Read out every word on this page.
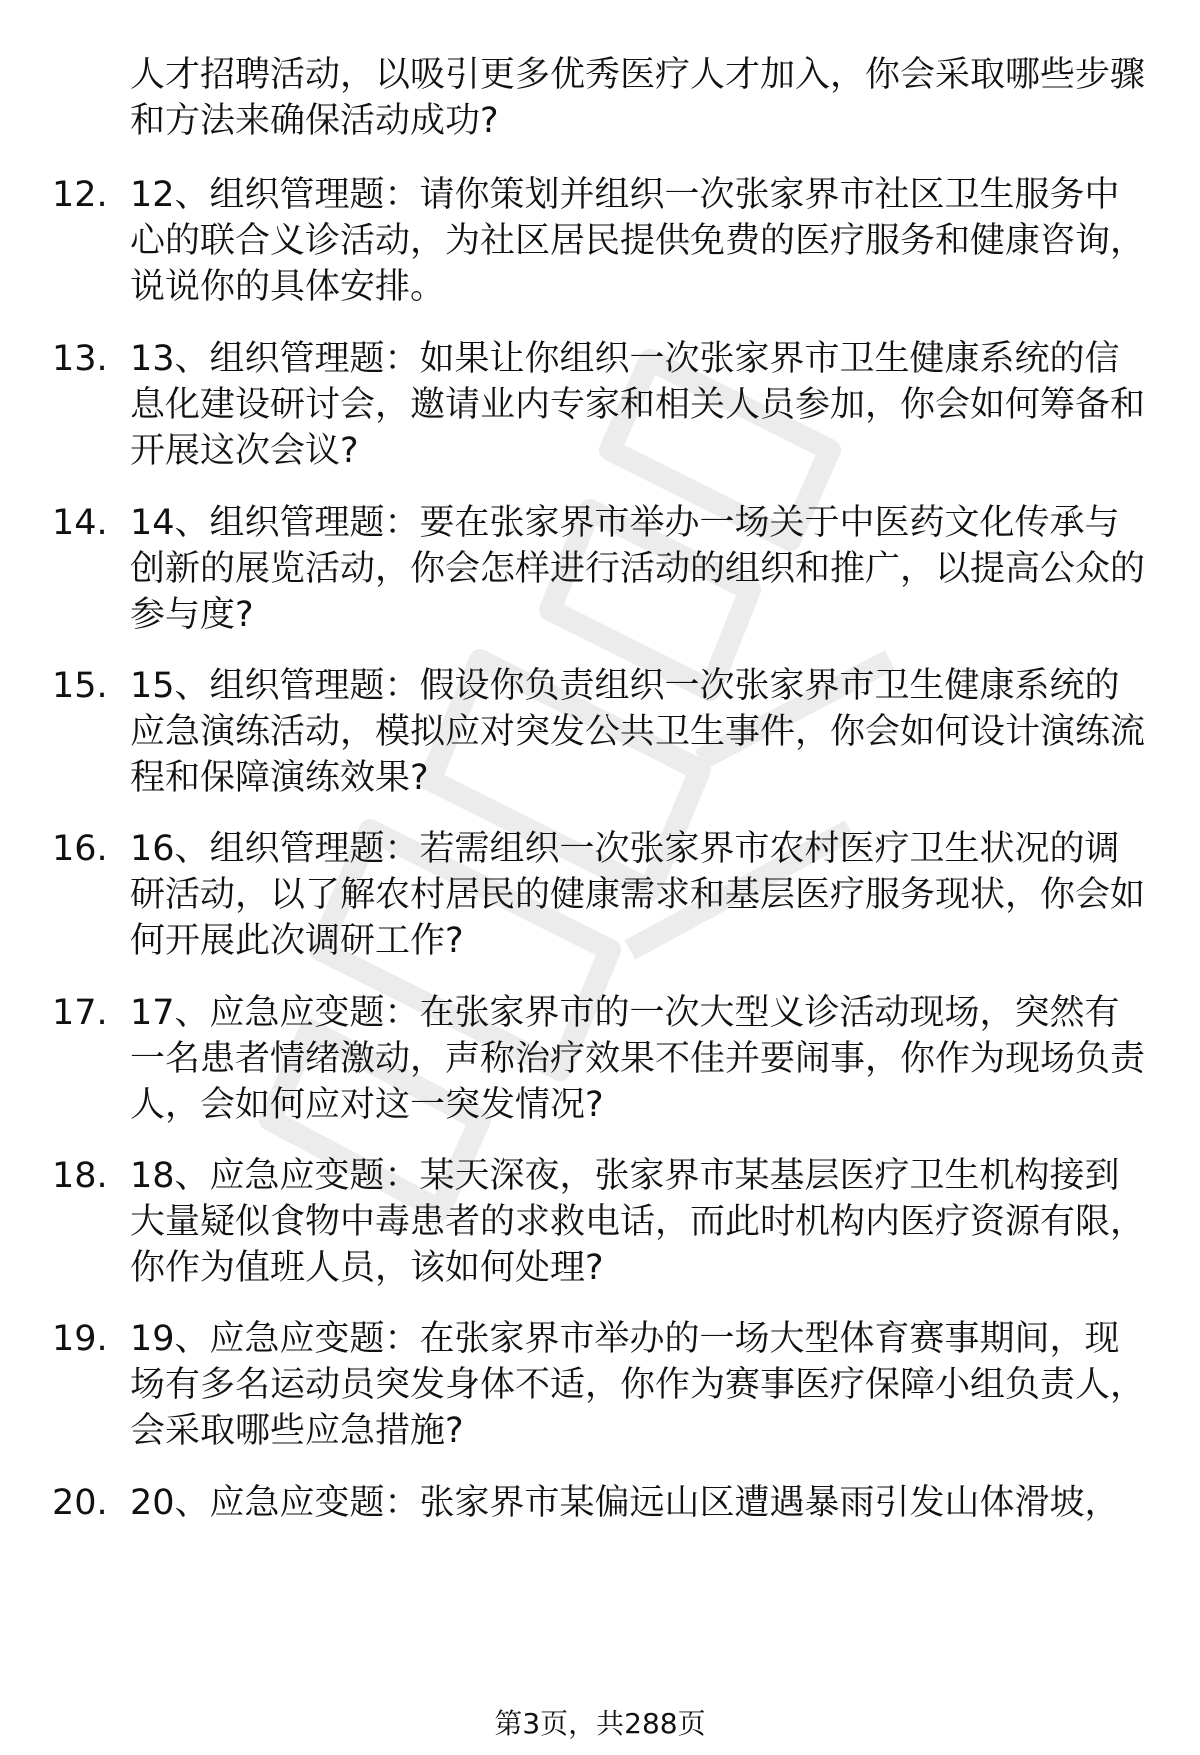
人才招聘活动，以吸引更多优秀医疗人才加入，你会采取哪些步骤和方法来确保活动成功?

12. 12、组织管理题：请你策划并组织一次张家界市社区卫生服务中心的联合义诊活动，为社区居民提供免费的医疗服务和健康咨询，说说你的具体安排。

13. 13、组织管理题：如果让你组织一次张家界市卫生健康系统的信息化建设研讨会，邀请业内专家和相关人员参加，你会如何筹备和开展这次会议?

14. 14、组织管理题：要在张家界市举办一场关于中医药文化传承与创新的展览活动，你会怎样进行活动的组织和推广，以提高公众的参与度?

15. 15、组织管理题：假设你负责组织一次张家界市卫生健康系统的应急演练活动，模拟应对突发公共卫生事件，你会如何设计演练流程和保障演练效果?

16. 16、组织管理题：若需组织一次张家界市农村医疗卫生状况的调研活动，以了解农村居民的健康需求和基层医疗服务现状，你会如何开展此次调研工作?

17. 17、应急应变题：在张家界市的一次大型义诊活动现场，突然有一名患者情绪激动，声称治疗效果不佳并要闹事，你作为现场负责人，会如何应对这一突发情况?

18. 18、应急应变题：某天深夜，张家界市某基层医疗卫生机构接到大量疑似食物中毒患者的求救电话，而此时机构内医疗资源有限，你作为值班人员，该如何处理?

19. 19、应急应变题：在张家界市举办的一场大型体育赛事期间，现场有多名运动员突发身体不适，你作为赛事医疗保障小组负责人，会采取哪些应急措施?

20. 20、应急应变题：张家界市某偏远山区遭遇暴雨引发山体滑坡，

第3页，共288页
